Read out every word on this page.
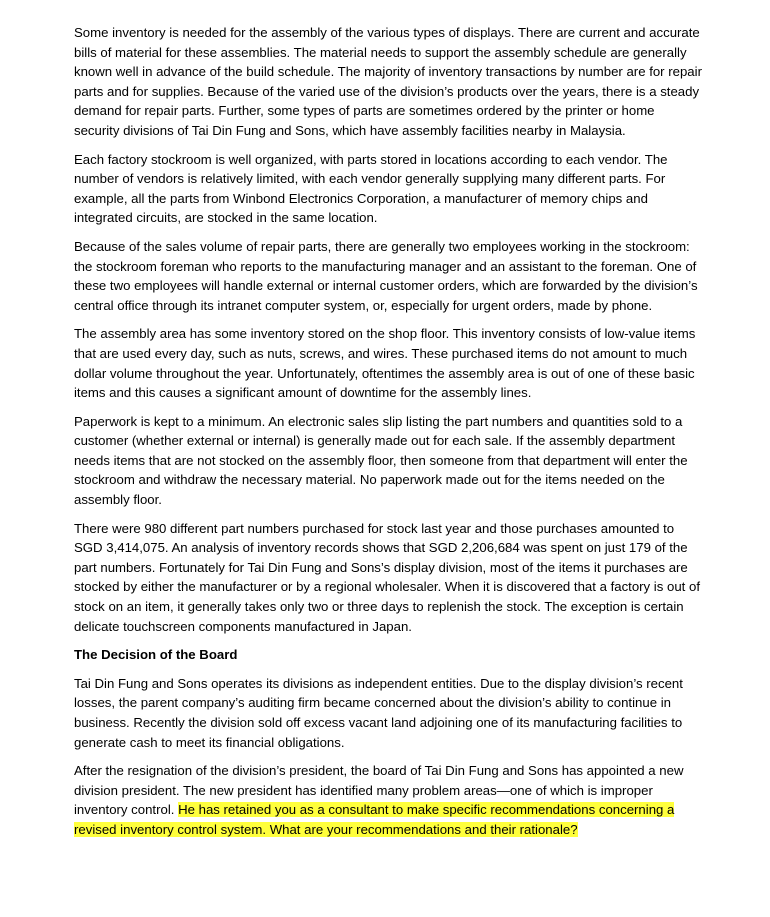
Some inventory is needed for the assembly of the various types of displays. There are current and accurate bills of material for these assemblies. The material needs to support the assembly schedule are generally known well in advance of the build schedule. The majority of inventory transactions by number are for repair parts and for supplies. Because of the varied use of the division’s products over the years, there is a steady demand for repair parts. Further, some types of parts are sometimes ordered by the printer or home security divisions of Tai Din Fung and Sons, which have assembly facilities nearby in Malaysia.

Each factory stockroom is well organized, with parts stored in locations according to each vendor. The number of vendors is relatively limited, with each vendor generally supplying many different parts. For example, all the parts from Winbond Electronics Corporation, a manufacturer of memory chips and integrated circuits, are stocked in the same location.

Because of the sales volume of repair parts, there are generally two employees working in the stockroom: the stockroom foreman who reports to the manufacturing manager and an assistant to the foreman. One of these two employees will handle external or internal customer orders, which are forwarded by the division’s central office through its intranet computer system, or, especially for urgent orders, made by phone.

The assembly area has some inventory stored on the shop floor. This inventory consists of low-value items that are used every day, such as nuts, screws, and wires. These purchased items do not amount to much dollar volume throughout the year. Unfortunately, oftentimes the assembly area is out of one of these basic items and this causes a significant amount of downtime for the assembly lines.

Paperwork is kept to a minimum. An electronic sales slip listing the part numbers and quantities sold to a customer (whether external or internal) is generally made out for each sale. If the assembly department needs items that are not stocked on the assembly floor, then someone from that department will enter the stockroom and withdraw the necessary material. No paperwork made out for the items needed on the assembly floor.

There were 980 different part numbers purchased for stock last year and those purchases amounted to SGD 3,414,075. An analysis of inventory records shows that SGD 2,206,684 was spent on just 179 of the part numbers. Fortunately for Tai Din Fung and Sons’s display division, most of the items it purchases are stocked by either the manufacturer or by a regional wholesaler. When it is discovered that a factory is out of stock on an item, it generally takes only two or three days to replenish the stock. The exception is certain delicate touchscreen components manufactured in Japan.

The Decision of the Board

Tai Din Fung and Sons operates its divisions as independent entities. Due to the display division’s recent losses, the parent company’s auditing firm became concerned about the division’s ability to continue in business. Recently the division sold off excess vacant land adjoining one of its manufacturing facilities to generate cash to meet its financial obligations.

After the resignation of the division’s president, the board of Tai Din Fung and Sons has appointed a new division president. The new president has identified many problem areas—one of which is improper inventory control. He has retained you as a consultant to make specific recommendations concerning a revised inventory control system. What are your recommendations and their rationale?
